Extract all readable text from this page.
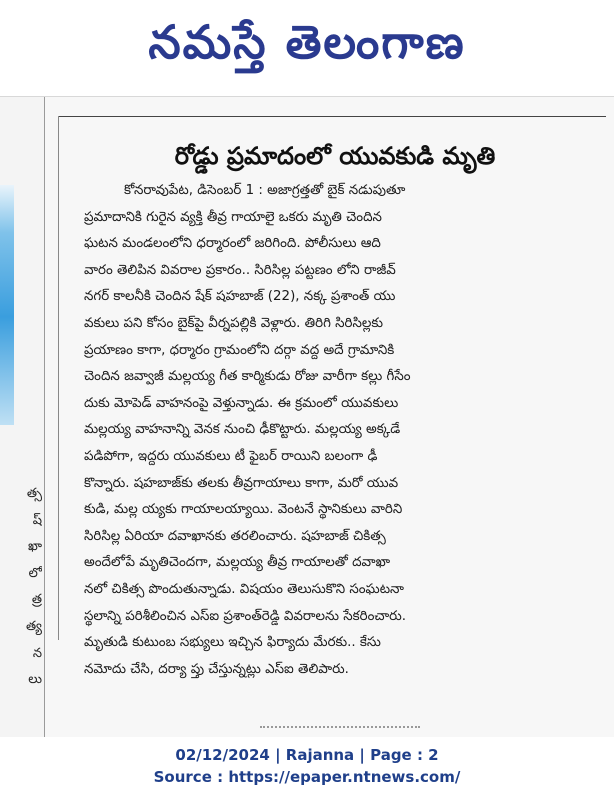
నమస్తే తెలంగాణ
త్స
ష్
ఖా
లో
త్ర
త్య
న
లు
రోడ్డు ప్రమాదంలో యువకుడి మృతి
కోనరావుపేట, డిసెంబర్ 1 : అజాగ్రత్తతో బైక్ నడుపుతూ
ప్రమాదానికి గురైన వ్యక్తి తీవ్ర గాయాలై ఒకరు మృతి చెందిన
ఘటన మండలంలోని ధర్మారంలో జరిగింది. పోలీసులు ఆది
వారం తెలిపిన వివరాల ప్రకారం.. సిరిసిల్ల పట్టణం లోని రాజీవ్
నగర్ కాలనీకి చెందిన షేక్ షహబాజ్ (22), నక్క ప్రశాంత్ యు
వకులు పని కోసం బైక్‌పై వీర్నపల్లికి వెళ్లారు. తిరిగి సిరిసిల్లకు
ప్రయాణం కాగా, ధర్మారం గ్రామంలోని దర్గా వద్ద అదే గ్రామానికి
చెందిన జవ్వాజీ మల్లయ్య గీత కార్మికుడు రోజు వారీగా కల్లు గీసేం
దుకు మోపెడ్ వాహనంపై వెళ్తున్నాడు. ఈ క్రమంలో యువకులు
మల్లయ్య వాహనాన్ని వెనక నుంచి ఢీకొట్టారు. మల్లయ్య అక్కడే
పడిపోగా, ఇద్దరు యువకులు టీ ఫైబర్ రాయిని బలంగా ఢీ
కొన్నారు. షహబాజ్‌కు తలకు తీవ్రగాయాలు కాగా, మరో యువ
కుడి, మల్ల య్యకు గాయాలయ్యాయి. వెంటనే స్థానికులు వారిని
సిరిసిల్ల ఏరియా దవాఖానకు తరలించారు. షహబాజ్ చికిత్స
అందేలోపే మృతిచెందగా, మల్లయ్య తీవ్ర గాయాలతో దవాఖా
నలో చికిత్స పొందుతున్నాడు. విషయం తెలుసుకొని సంఘటనా
స్థలాన్ని పరిశీలించిన ఎస్ఐ ప్రశాంత్‌రెడ్డి వివరాలను సేకరించారు.
మృతుడి కుటుంబ సభ్యులు ఇచ్చిన ఫిర్యాదు మేరకు.. కేసు
నమోదు చేసి, దర్యా ప్తు చేస్తున్నట్లు ఎస్ఐ తెలిపారు.
02/12/2024 | Rajanna | Page : 2
Source : https://epaper.ntnews.com/
